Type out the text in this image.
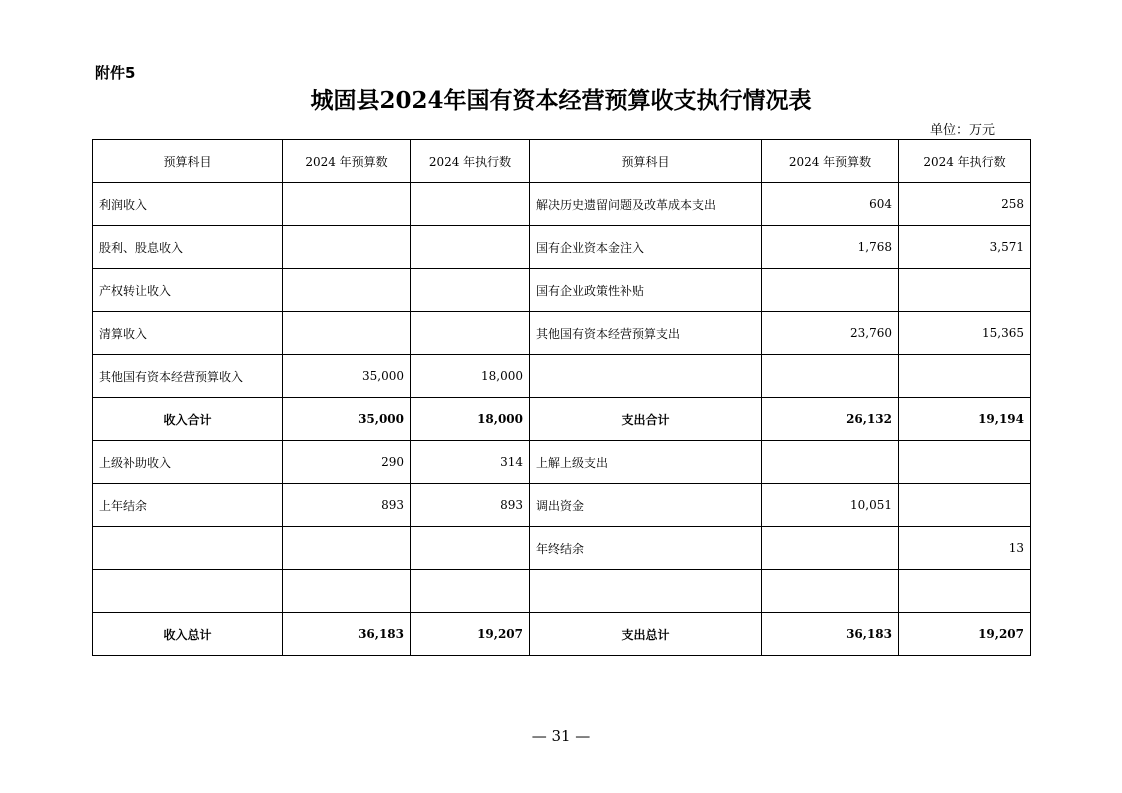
附件5
城固县2024年国有资本经营预算收支执行情况表
单位：万元
预算科目	2024 年预算数	2024 年执行数	预算科目	2024 年预算数	2024 年执行数
利润收入			解决历史遗留问题及改革成本支出	604	258
股利、股息收入			国有企业资本金注入	1,768	3,571
产权转让收入			国有企业政策性补贴		
清算收入			其他国有资本经营预算支出	23,760	15,365
其他国有资本经营预算收入	35,000	18,000			
收入合计	35,000	18,000	支出合计	26,132	19,194
上级补助收入	290	314	上解上级支出		
上年结余	893	893	调出资金	10,051	
			年终结余		13

收入总计	36,183	19,207	支出总计	36,183	19,207
— 31 —
